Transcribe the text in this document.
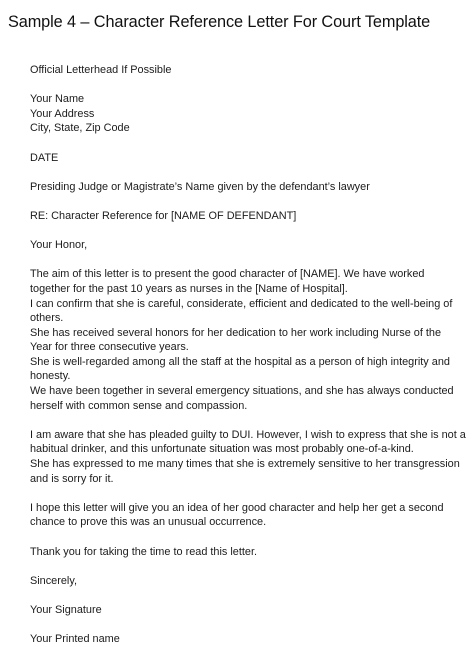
Sample 4 – Character Reference Letter For Court Template

Official Letterhead If Possible

Your Name

Your Address

City, State, Zip Code

DATE

Presiding Judge or Magistrate’s Name given by the defendant’s lawyer

RE: Character Reference for [NAME OF DEFENDANT]

Your Honor,

The aim of this letter is to present the good character of [NAME]. We have worked
together for the past 10 years as nurses in the [Name of Hospital].
I can confirm that she is careful, considerate, efficient and dedicated to the well-being of
others.
She has received several honors for her dedication to her work including Nurse of the
Year for three consecutive years.
She is well-regarded among all the staff at the hospital as a person of high integrity and
honesty.
We have been together in several emergency situations, and she has always conducted
herself with common sense and compassion.
I am aware that she has pleaded guilty to DUI. However, I wish to express that she is not a
habitual drinker, and this unfortunate situation was most probably one-of-a-kind.
She has expressed to me many times that she is extremely sensitive to her transgression
and is sorry for it.
I hope this letter will give you an idea of her good character and help her get a second
chance to prove this was an unusual occurrence.

Thank you for taking the time to read this letter.

Sincerely,

Your Signature

Your Printed name
